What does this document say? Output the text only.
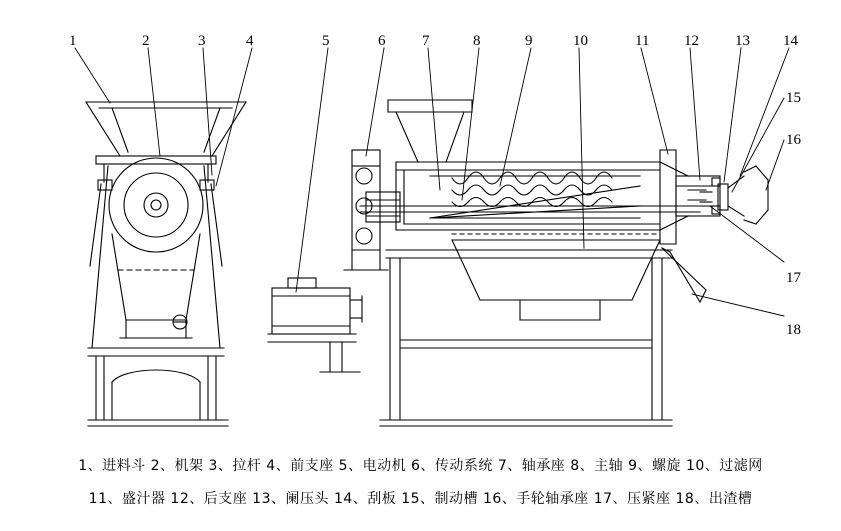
1	2	3	4	5	6 7	8	9	10	11 12 13 14
15
16
17
18
1、进料斗 2、机架 3、拉杆 4、前支座 5、电动机 6、传动系统 7、轴承座 8、主轴 9、螺旋 10、过滤网
11、盛汁器 12、后支座 13、阑压头 14、刮板 15、制动槽 16、手轮轴承座 17、压紧座 18、出渣槽
